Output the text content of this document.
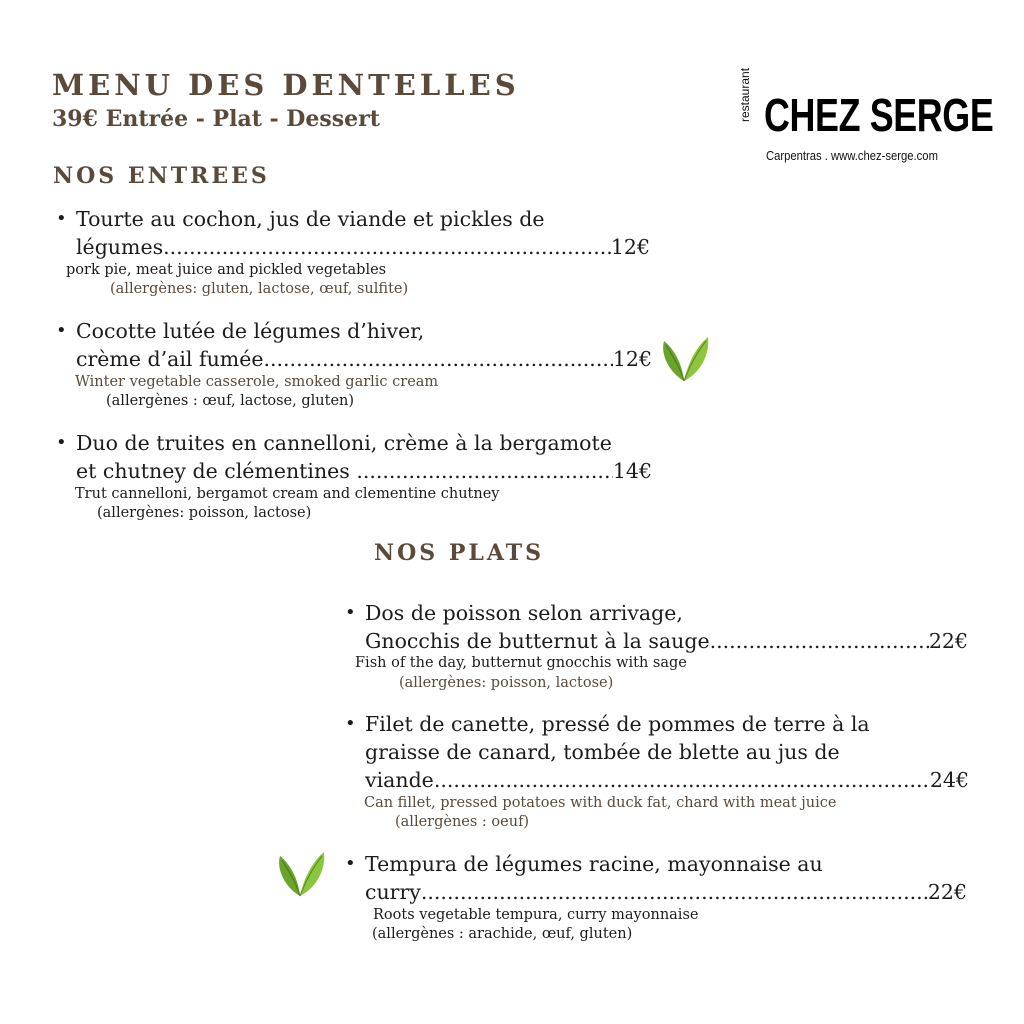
MENU DES DENTELLES
39€ Entrée - Plat - Dessert	restaurant CHEZ SERGE
Carpentras . www.chez-serge.com
NOS ENTREES
• Tourte au cochon, jus de viande et pickles de
légumes .....	12€
pork pie, meat juice and pickled vegetables
(allergènes: gluten, lactose, œuf, sulfite)
• Cocotte lutée de légumes d’hiver,
crème d’ail fumée .....	12€
Winter vegetable casserole, smoked garlic cream
(allergènes : œuf, lactose, gluten)
• Duo de truites en cannelloni, crème à la bergamote
et chutney de clémentines .....	14€
Trut cannelloni, bergamot cream and clementine chutney
(allergènes: poisson, lactose)
NOS PLATS
• Dos de poisson selon arrivage,
Gnocchis de butternut à la sauge .....	22€
Fish of the day, butternut gnocchis with sage
(allergènes: poisson, lactose)
• Filet de canette, pressé de pommes de terre à la
graisse de canard, tombée de blette au jus de
viande .....	24€
Can fillet, pressed potatoes with duck fat, chard with meat juice
(allergènes : oeuf)
• Tempura de légumes racine, mayonnaise au
curry .....	22€
Roots vegetable tempura, curry mayonnaise
(allergènes : arachide, œuf, gluten)
